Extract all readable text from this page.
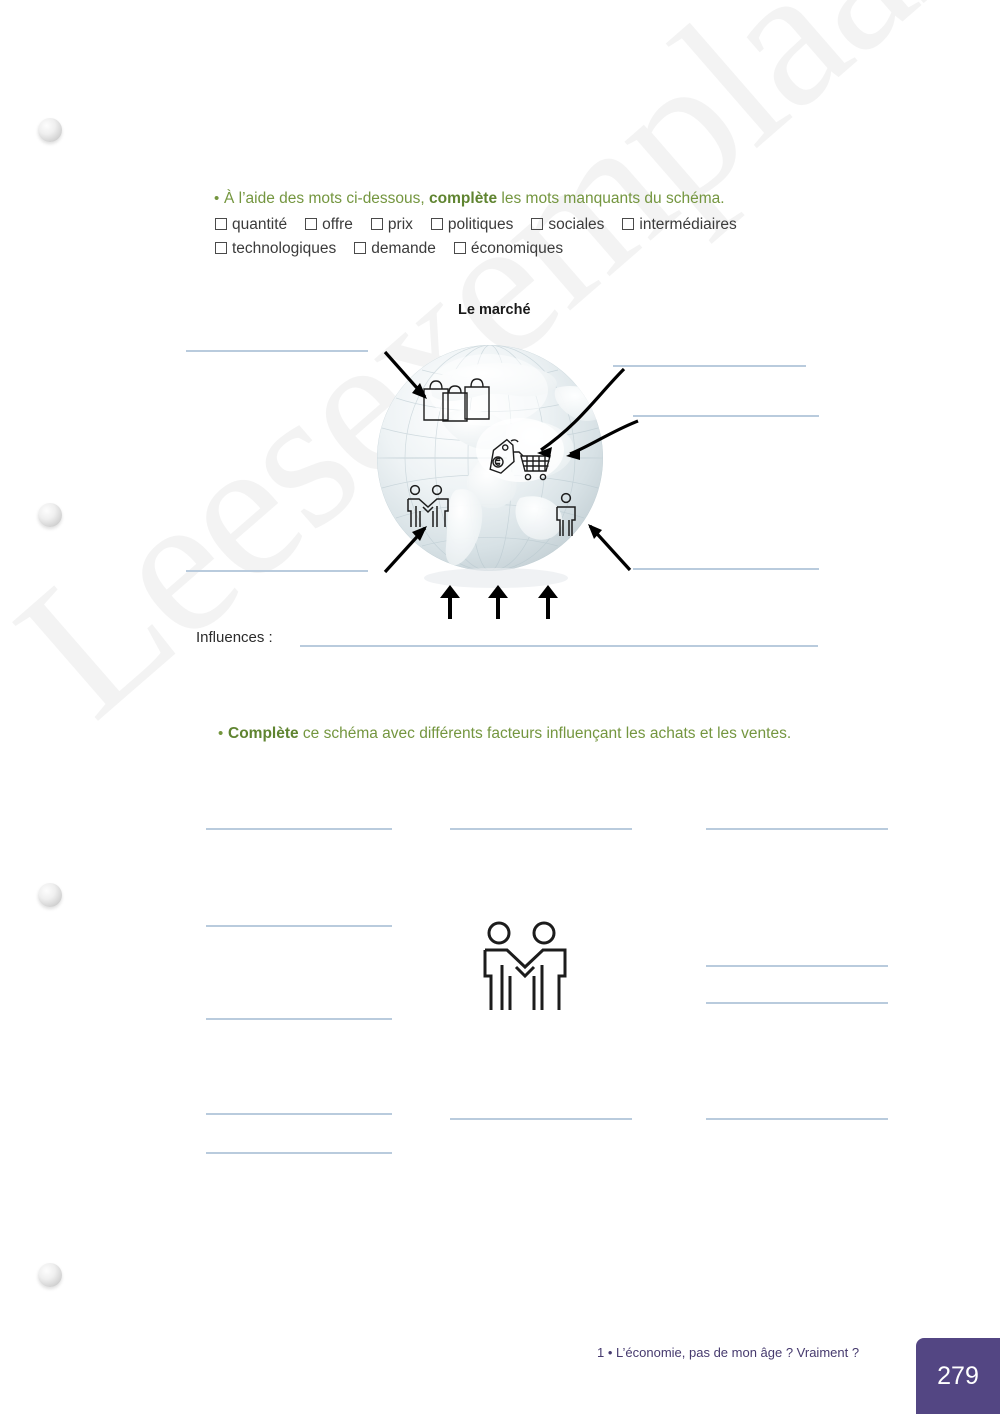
• À l’aide des mots ci-dessous, complète les mots manquants du schéma.
quantité offre prix politiques sociales intermédiaires
technologiques demande économiques
Le marché
Influences :
• Complète ce schéma avec différents facteurs influençant les achats et les ventes.
1 • L’économie, pas de mon âge ? Vraiment ?
279
